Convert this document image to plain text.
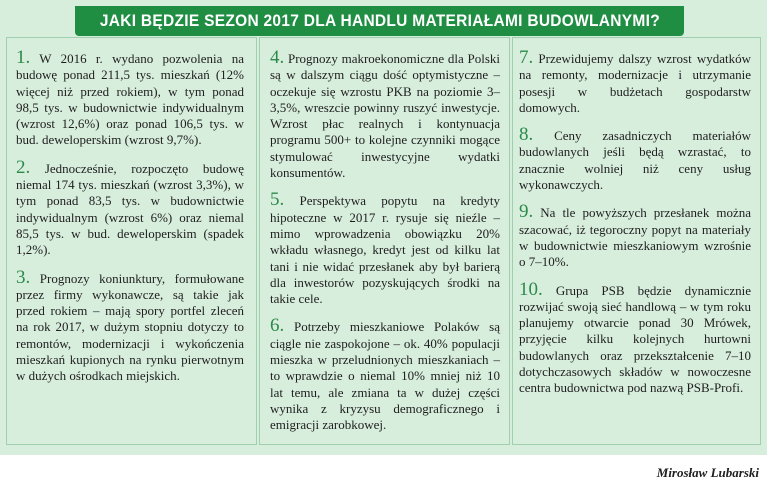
JAKI BĘDZIE SEZON 2017 DLA HANDLU MATERIAŁAMI BUDOWLANYMI?

1. W 2016 r. wydano pozwolenia na budowę ponad 211,5 tys. mieszkań (12% więcej niż przed rokiem), w tym ponad 98,5 tys. w budownictwie indywidualnym (wzrost 12,6%) oraz ponad 106,5 tys. w bud. deweloperskim (wzrost 9,7%).

2. Jednocześnie, rozpoczęto budowę niemal 174 tys. mieszkań (wzrost 3,3%), w tym ponad 83,5 tys. w budownictwie indywidualnym (wzrost 6%) oraz niemal 85,5 tys. w bud. deweloperskim (spadek 1,2%).

3. Prognozy koniunktury, formułowane przez firmy wykonawcze, są takie jak przed rokiem – mają spory portfel zleceń na rok 2017, w dużym stopniu dotyczy to remontów, modernizacji i wykończenia mieszkań kupionych na rynku pierwotnym w dużych ośrodkach miejskich.

4. Prognozy makroekonomiczne dla Polski są w dalszym ciągu dość optymistyczne – oczekuje się wzrostu PKB na poziomie 3–3,5%, wreszcie powinny ruszyć inwestycje. Wzrost płac realnych i kontynuacja programu 500+ to kolejne czynniki mogące stymulować inwestycyjne wydatki konsumentów.

5. Perspektywa popytu na kredyty hipoteczne w 2017 r. rysuje się nieźle – mimo wprowadzenia obowiązku 20% wkładu własnego, kredyt jest od kilku lat tani i nie widać przesłanek aby był barierą dla inwestorów pozyskujących środki na takie cele.

6. Potrzeby mieszkaniowe Polaków są ciągle nie zaspokojone – ok. 40% populacji mieszka w przeludnionych mieszkaniach – to wprawdzie o niemal 10% mniej niż 10 lat temu, ale zmiana ta w dużej części wynika z kryzysu demograficznego i emigracji zarobkowej.

7. Przewidujemy dalszy wzrost wydatków na remonty, modernizacje i utrzymanie posesji w budżetach gospodarstw domowych.

8. Ceny zasadniczych materiałów budowlanych jeśli będą wzrastać, to znacznie wolniej niż ceny usług wykonawczych.

9. Na tle powyższych przesłanek można szacować, iż tegoroczny popyt na materiały w budownictwie mieszkaniowym wzrośnie o 7–10%.

10. Grupa PSB będzie dynamicznie rozwijać swoją sieć handlową – w tym roku planujemy otwarcie ponad 30 Mrówek, przyjęcie kilku kolejnych hurtowni budowlanych oraz przekształcenie 7–10 dotychczasowych składów w nowoczesne centra budownictwa pod nazwą PSB-Profi.

Mirosław Lubarski
